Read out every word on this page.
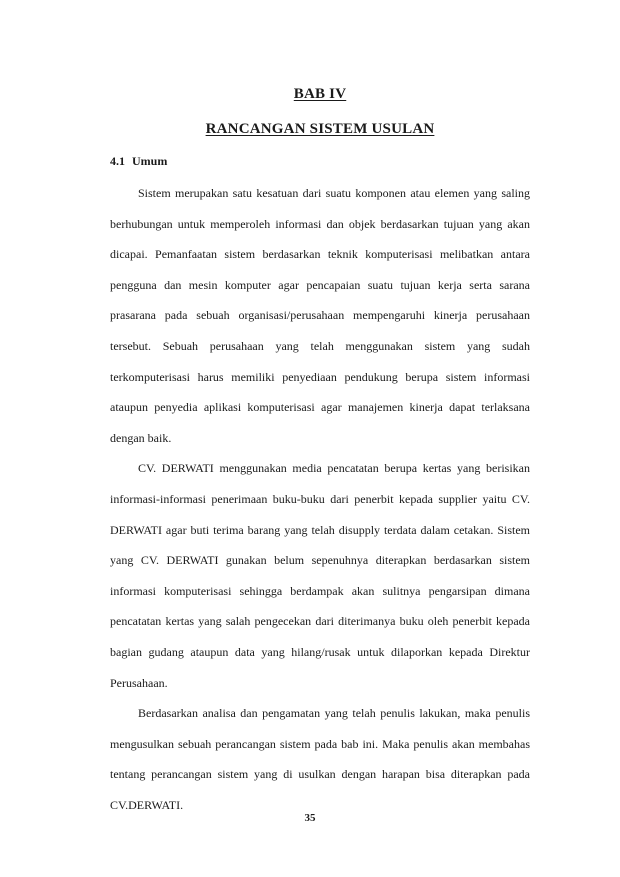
BAB IV
RANCANGAN SISTEM USULAN
4.1 Umum

Sistem merupakan satu kesatuan dari suatu komponen atau elemen yang saling berhubungan untuk memperoleh informasi dan objek berdasarkan tujuan yang akan dicapai. Pemanfaatan sistem berdasarkan teknik komputerisasi melibatkan antara pengguna dan mesin komputer agar pencapaian suatu tujuan kerja serta sarana prasarana pada sebuah organisasi/perusahaan mempengaruhi kinerja perusahaan tersebut. Sebuah perusahaan yang telah menggunakan sistem yang sudah terkomputerisasi harus memiliki penyediaan pendukung berupa sistem informasi ataupun penyedia aplikasi komputerisasi agar manajemen kinerja dapat terlaksana dengan baik.

CV. DERWATI menggunakan media pencatatan berupa kertas yang berisikan informasi-informasi penerimaan buku-buku dari penerbit kepada supplier yaitu CV. DERWATI agar buti terima barang yang telah disupply terdata dalam cetakan. Sistem yang CV. DERWATI gunakan belum sepenuhnya diterapkan berdasarkan sistem informasi komputerisasi sehingga berdampak akan sulitnya pengarsipan dimana pencatatan kertas yang salah pengecekan dari diterimanya buku oleh penerbit kepada bagian gudang ataupun data yang hilang/rusak untuk dilaporkan kepada Direktur Perusahaan.

Berdasarkan analisa dan pengamatan yang telah penulis lakukan, maka penulis mengusulkan sebuah perancangan sistem pada bab ini. Maka penulis akan membahas tentang perancangan sistem yang di usulkan dengan harapan bisa diterapkan pada CV.DERWATI.

35
